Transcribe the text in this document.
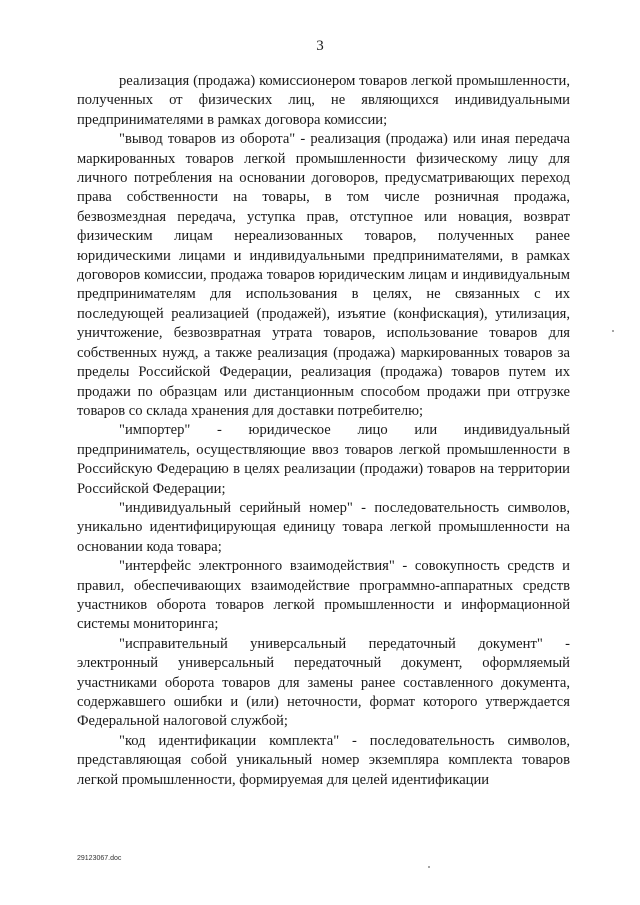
3

реализация (продажа) комиссионером товаров легкой промышленности, полученных от физических лиц, не являющихся индивидуальными предпринимателями в рамках договора комиссии;

"вывод товаров из оборота" - реализация (продажа) или иная передача маркированных товаров легкой промышленности физическому лицу для личного потребления на основании договоров, предусматривающих переход права собственности на товары, в том числе розничная продажа, безвозмездная передача, уступка прав, отступное или новация, возврат физическим лицам нереализованных товаров, полученных ранее юридическими лицами и индивидуальными предпринимателями, в рамках договоров комиссии, продажа товаров юридическим лицам и индивидуальным предпринимателям для использования в целях, не связанных с их последующей реализацией (продажей), изъятие (конфискация), утилизация, уничтожение, безвозвратная утрата товаров, использование товаров для собственных нужд, а также реализация (продажа) маркированных товаров за пределы Российской Федерации, реализация (продажа) товаров путем их продажи по образцам или дистанционным способом продажи при отгрузке товаров со склада хранения для доставки потребителю;

"импортер" - юридическое лицо или индивидуальный предприниматель, осуществляющие ввоз товаров легкой промышленности в Российскую Федерацию в целях реализации (продажи) товаров на территории Российской Федерации;

"индивидуальный серийный номер" - последовательность символов, уникально идентифицирующая единицу товара легкой промышленности на основании кода товара;

"интерфейс электронного взаимодействия" - совокупность средств и правил, обеспечивающих взаимодействие программно-аппаратных средств участников оборота товаров легкой промышленности и информационной системы мониторинга;

"исправительный универсальный передаточный документ" - электронный универсальный передаточный документ, оформляемый участниками оборота товаров для замены ранее составленного документа, содержавшего ошибки и (или) неточности, формат которого утверждается Федеральной налоговой службой;

"код идентификации комплекта" - последовательность символов, представляющая собой уникальный номер экземпляра комплекта товаров легкой промышленности, формируемая для целей идентификации

29123067.doc
